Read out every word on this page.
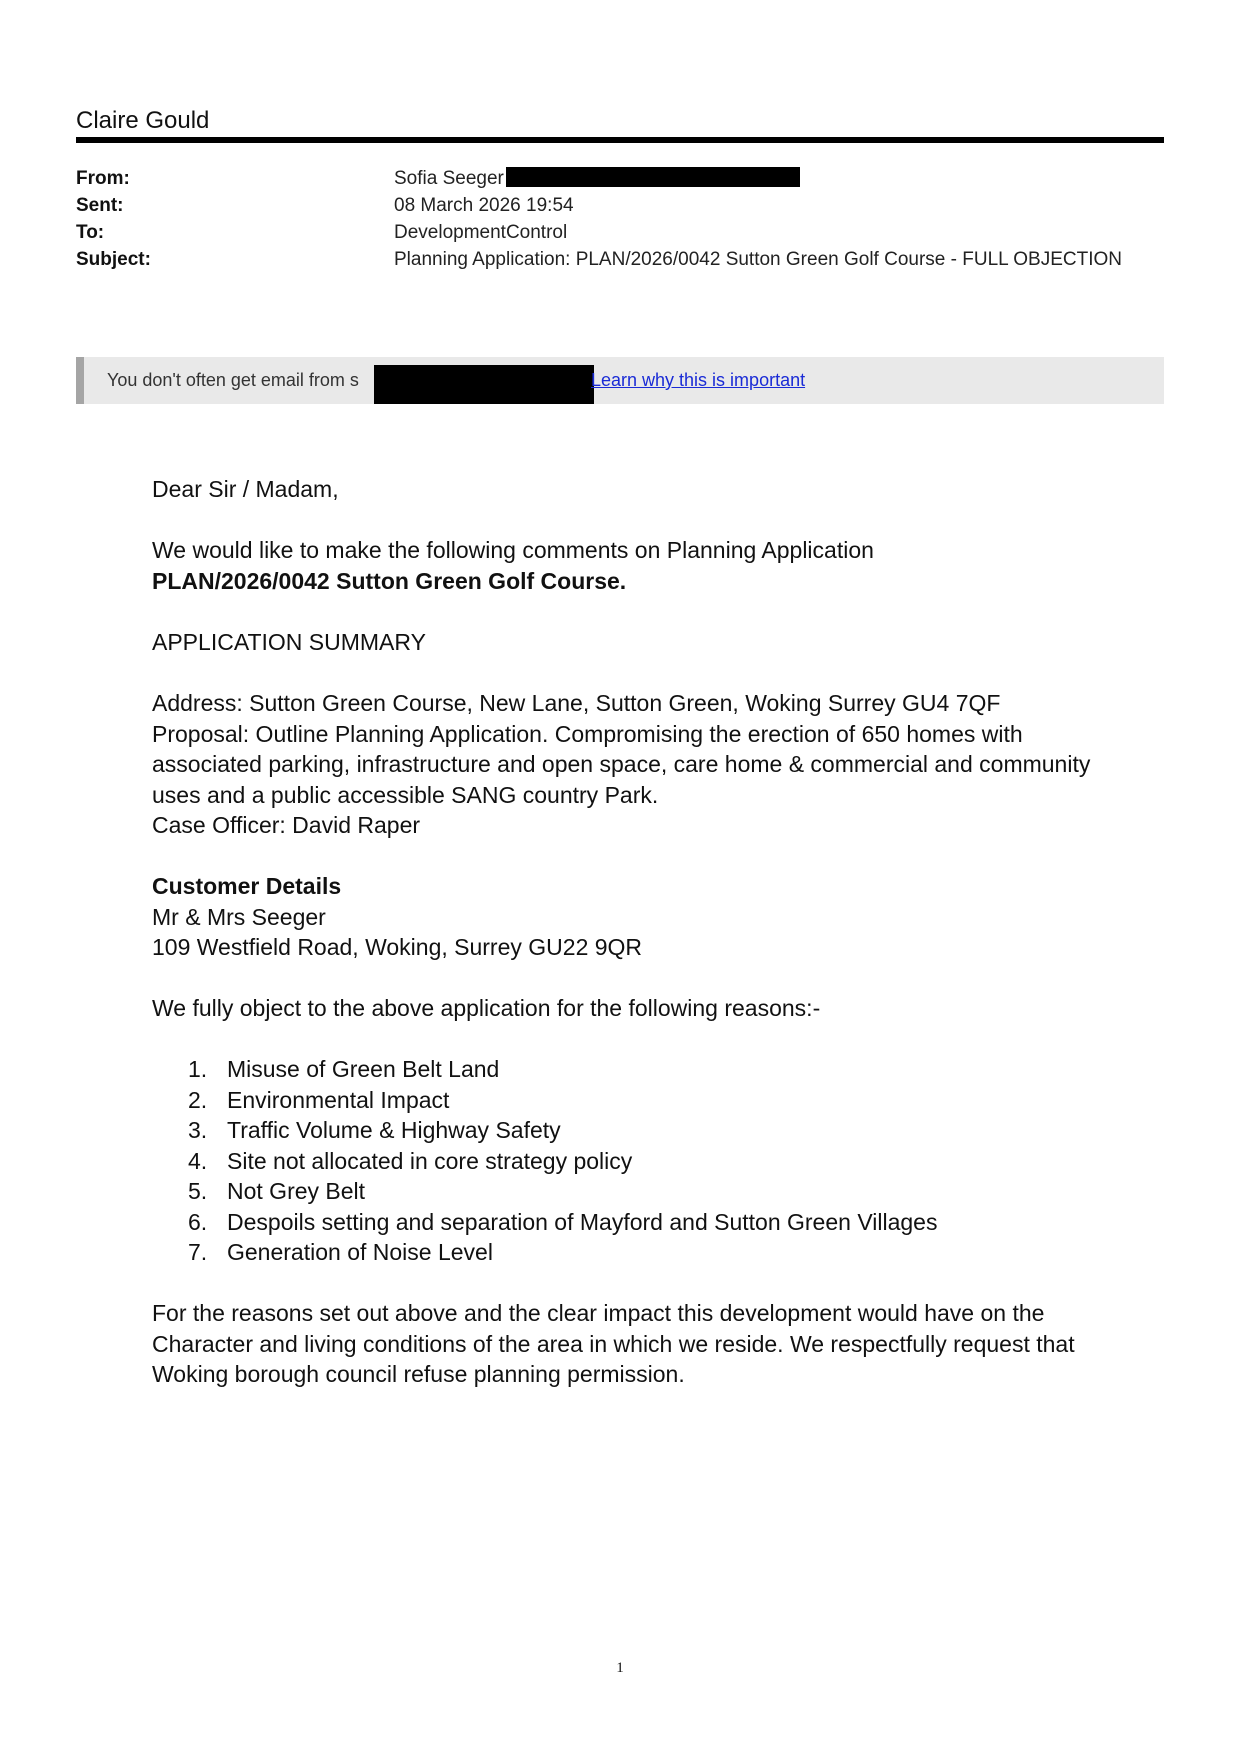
Claire Gould
From:	Sofia Seeger
Sent:	08 March 2026 19:54
To:	DevelopmentControl
Subject:	Planning Application: PLAN/2026/0042 Sutton Green Golf Course - FULL OBJECTION
You don't often get email from s	Learn why this is important
Dear Sir / Madam,
We would like to make the following comments on Planning Application
PLAN/2026/0042 Sutton Green Golf Course.
APPLICATION SUMMARY
Address: Sutton Green Course, New Lane, Sutton Green, Woking Surrey GU4 7QF
Proposal: Outline Planning Application. Compromising the erection of 650 homes with associated parking, infrastructure and open space, care home & commercial and community uses and a public accessible SANG country Park.
Case Officer: David Raper
Customer Details
Mr & Mrs Seeger
109 Westfield Road, Woking, Surrey GU22 9QR
We fully object to the above application for the following reasons:-
1. Misuse of Green Belt Land
2. Environmental Impact
3. Traffic Volume & Highway Safety
4. Site not allocated in core strategy policy
5. Not Grey Belt
6. Despoils setting and separation of Mayford and Sutton Green Villages
7. Generation of Noise Level
For the reasons set out above and the clear impact this development would have on the Character and living conditions of the area in which we reside. We respectfully request that Woking borough council refuse planning permission.
1
